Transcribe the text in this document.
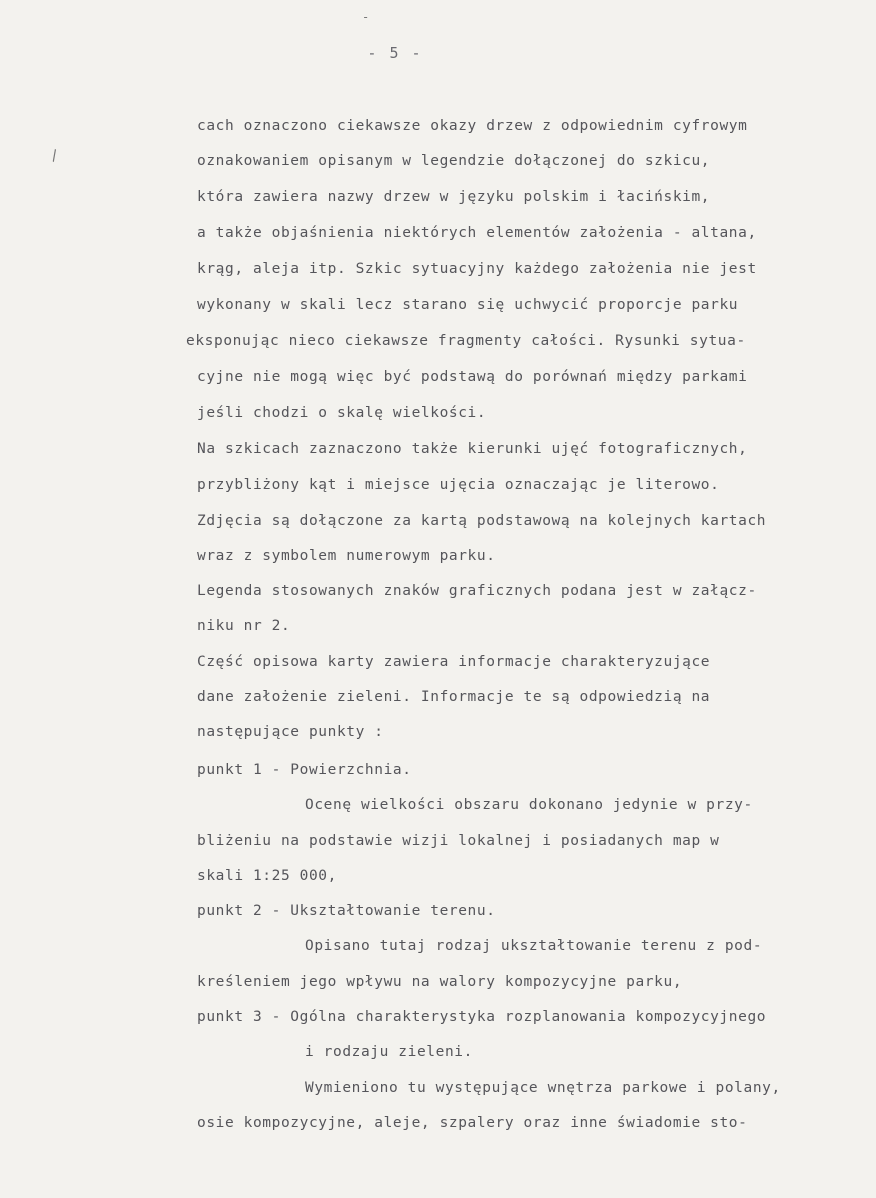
-
- 5 -
\
cach oznaczono ciekawsze okazy drzew z odpowiednim cyfrowym
oznakowaniem opisanym w legendzie dołączonej do szkicu,
która zawiera nazwy drzew w języku polskim i łacińskim,
a także objaśnienia niektórych elementów założenia - altana,
krąg, aleja itp. Szkic sytuacyjny każdego założenia nie jest
wykonany w skali lecz starano się uchwycić proporcje parku
eksponując nieco ciekawsze fragmenty całości. Rysunki sytua-
cyjne nie mogą więc być podstawą do porównań między parkami
jeśli chodzi o skalę wielkości.
Na szkicach zaznaczono także kierunki ujęć fotograficznych,
przybliżony kąt i miejsce ujęcia oznaczając je literowo.
Zdjęcia są dołączone za kartą podstawową na kolejnych kartach
wraz z symbolem numerowym parku.
Legenda stosowanych znaków graficznych podana jest w załącz-
niku nr 2.
Część opisowa karty zawiera informacje charakteryzujące
dane założenie zieleni. Informacje te są odpowiedzią na
następujące punkty :
punkt 1 - Powierzchnia.
Ocenę wielkości obszaru dokonano jedynie w przy-
bliżeniu na podstawie wizji lokalnej i posiadanych map w
skali 1:25 000,
punkt 2 - Ukształtowanie terenu.
Opisano tutaj rodzaj ukształtowanie terenu z pod-
kreśleniem jego wpływu na walory kompozycyjne parku,
punkt 3 - Ogólna charakterystyka rozplanowania kompozycyjnego
i rodzaju zieleni.
Wymieniono tu występujące wnętrza parkowe i polany,
osie kompozycyjne, aleje, szpalery oraz inne świadomie sto-
